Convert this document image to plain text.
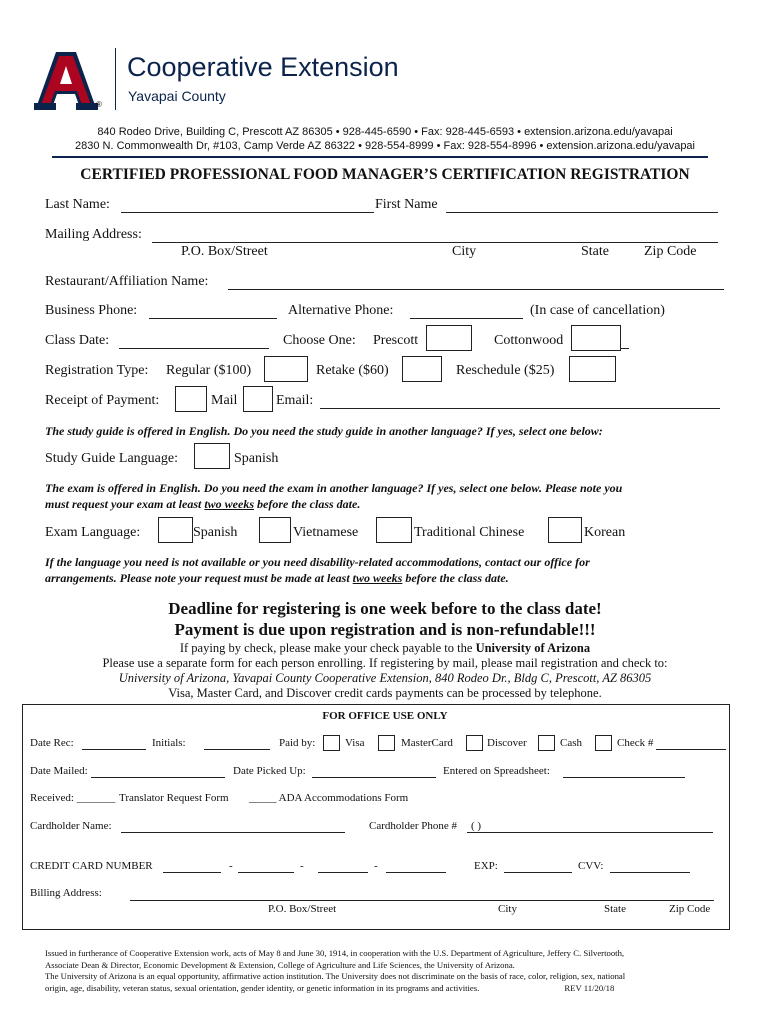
®
Cooperative Extension
Yavapai County
840 Rodeo Drive, Building C, Prescott AZ 86305 • 928-445-6590 • Fax: 928-445-6593 • extension.arizona.edu/yavapai
2830 N. Commonwealth Dr, #103, Camp Verde AZ 86322 • 928-554-8999 • Fax: 928-554-8996 • extension.arizona.edu/yavapai
CERTIFIED PROFESSIONAL FOOD MANAGER’S CERTIFICATION REGISTRATION
Last Name:	First Name
Mailing Address:
P.O. Box/Street	City	State	Zip Code
Restaurant/Affiliation Name:
Business Phone:	Alternative Phone:	(In case of cancellation)
Class Date:	Choose One: Prescott	Cottonwood
Registration Type: Regular ($100)	Retake ($60)	Reschedule ($25)
Receipt of Payment:	Mail	Email:
The study guide is offered in English. Do you need the study guide in another language? If yes, select one below:
Study Guide Language:	Spanish
The exam is offered in English. Do you need the exam in another language? If yes, select one below. Please note you
must request your exam at least two weeks before the class date.
Exam Language:	Spanish	Vietnamese	Traditional Chinese	Korean
If the language you need is not available or you need disability-related accommodations, contact our office for
arrangements. Please note your request must be made at least two weeks before the class date.
Deadline for registering is one week before to the class date!
Payment is due upon registration and is non-refundable!!!
If paying by check, please make your check payable to the University of Arizona
Please use a separate form for each person enrolling. If registering by mail, please mail registration and check to:
University of Arizona, Yavapai County Cooperative Extension, 840 Rodeo Dr., Bldg C, Prescott, AZ 86305
Visa, Master Card, and Discover credit cards payments can be processed by telephone.
FOR OFFICE USE ONLY
Date Rec:	Initials:	Paid by:	Visa	MasterCard	Discover	Cash	Check #
Date Mailed:	Date Picked Up:	Entered on Spreadsheet:
Received: _______ Translator Request Form _____ ADA Accommodations Form
Cardholder Name:	Cardholder Phone # ( )
CREDIT CARD NUMBER	-	-	-	EXP:	CVV:
Billing Address:
P.O. Box/Street	City	State	Zip Code
Issued in furtherance of Cooperative Extension work, acts of May 8 and June 30, 1914, in cooperation with the U.S. Department of Agriculture, Jeffery C. Silvertooth,
Associate Dean & Director, Economic Development & Extension, College of Agriculture and Life Sciences, the University of Arizona.
The University of Arizona is an equal opportunity, affirmative action institution. The University does not discriminate on the basis of race, color, religion, sex, national
origin, age, disability, veteran status, sexual orientation, gender identity, or genetic information in its programs and activities.	REV 11/20/18
